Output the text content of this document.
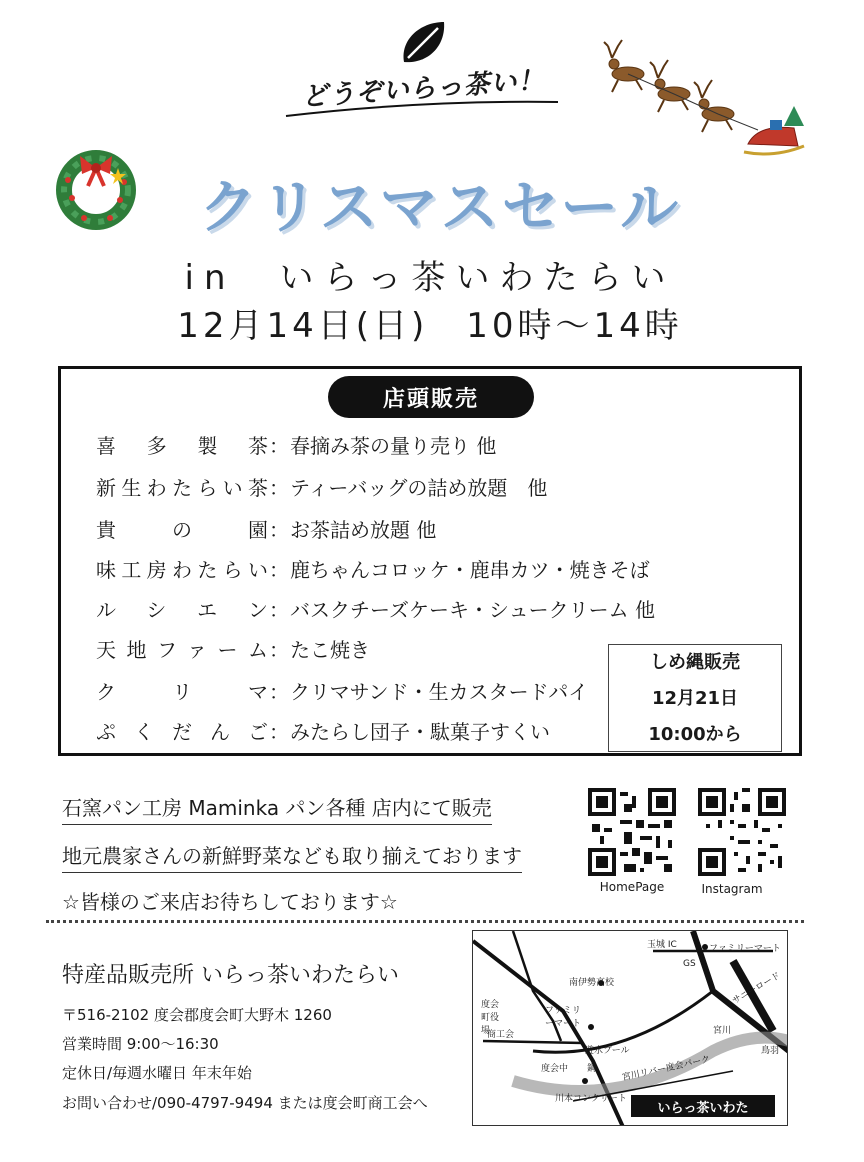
どうぞいらっ茶い！
クリスマスセール
in　いらっ茶いわたらい
12月14日(日)　10時〜14時
店頭販売
喜多製茶 ： 春摘み茶の量り売り 他
新生わたらい茶 ： ティーバッグの詰め放題　他
貴の園 ： お茶詰め放題 他
味工房わたらい ： 鹿ちゃんコロッケ・鹿串カツ・焼きそば
ルシエン ： バスクチーズケーキ・シュークリーム 他
天地ファーム ： たこ焼き
クリマ ： クリマサンド・生カスタードパイ
ぷくだんご ： みたらし団子・駄菓子すくい
しめ縄販売
12月21日
10:00から
石窯パン工房 Maminka パン各種 店内にて販売
地元農家さんの新鮮野菜なども取り揃えております
☆皆様のご来店お待ちしております☆
HomePage	Instagram
特産品販売所 いらっ茶いわたらい
〒516-2102 度会郡度会町大野木 1260
営業時間 9:00〜16:30
定休日/毎週水曜日 年末年始
お問い合わせ/090-4797-9494 または度会町商工会へ
玉城 IC	ファミリーマート
GS
南伊勢高校	サニーロード
度会町役場
ファミリーマート
商工会
度会中
遊水プール
鋼
宮川
宮川リバー度会パーク
川本コンクリート
鳥羽
いらっ茶いわた
